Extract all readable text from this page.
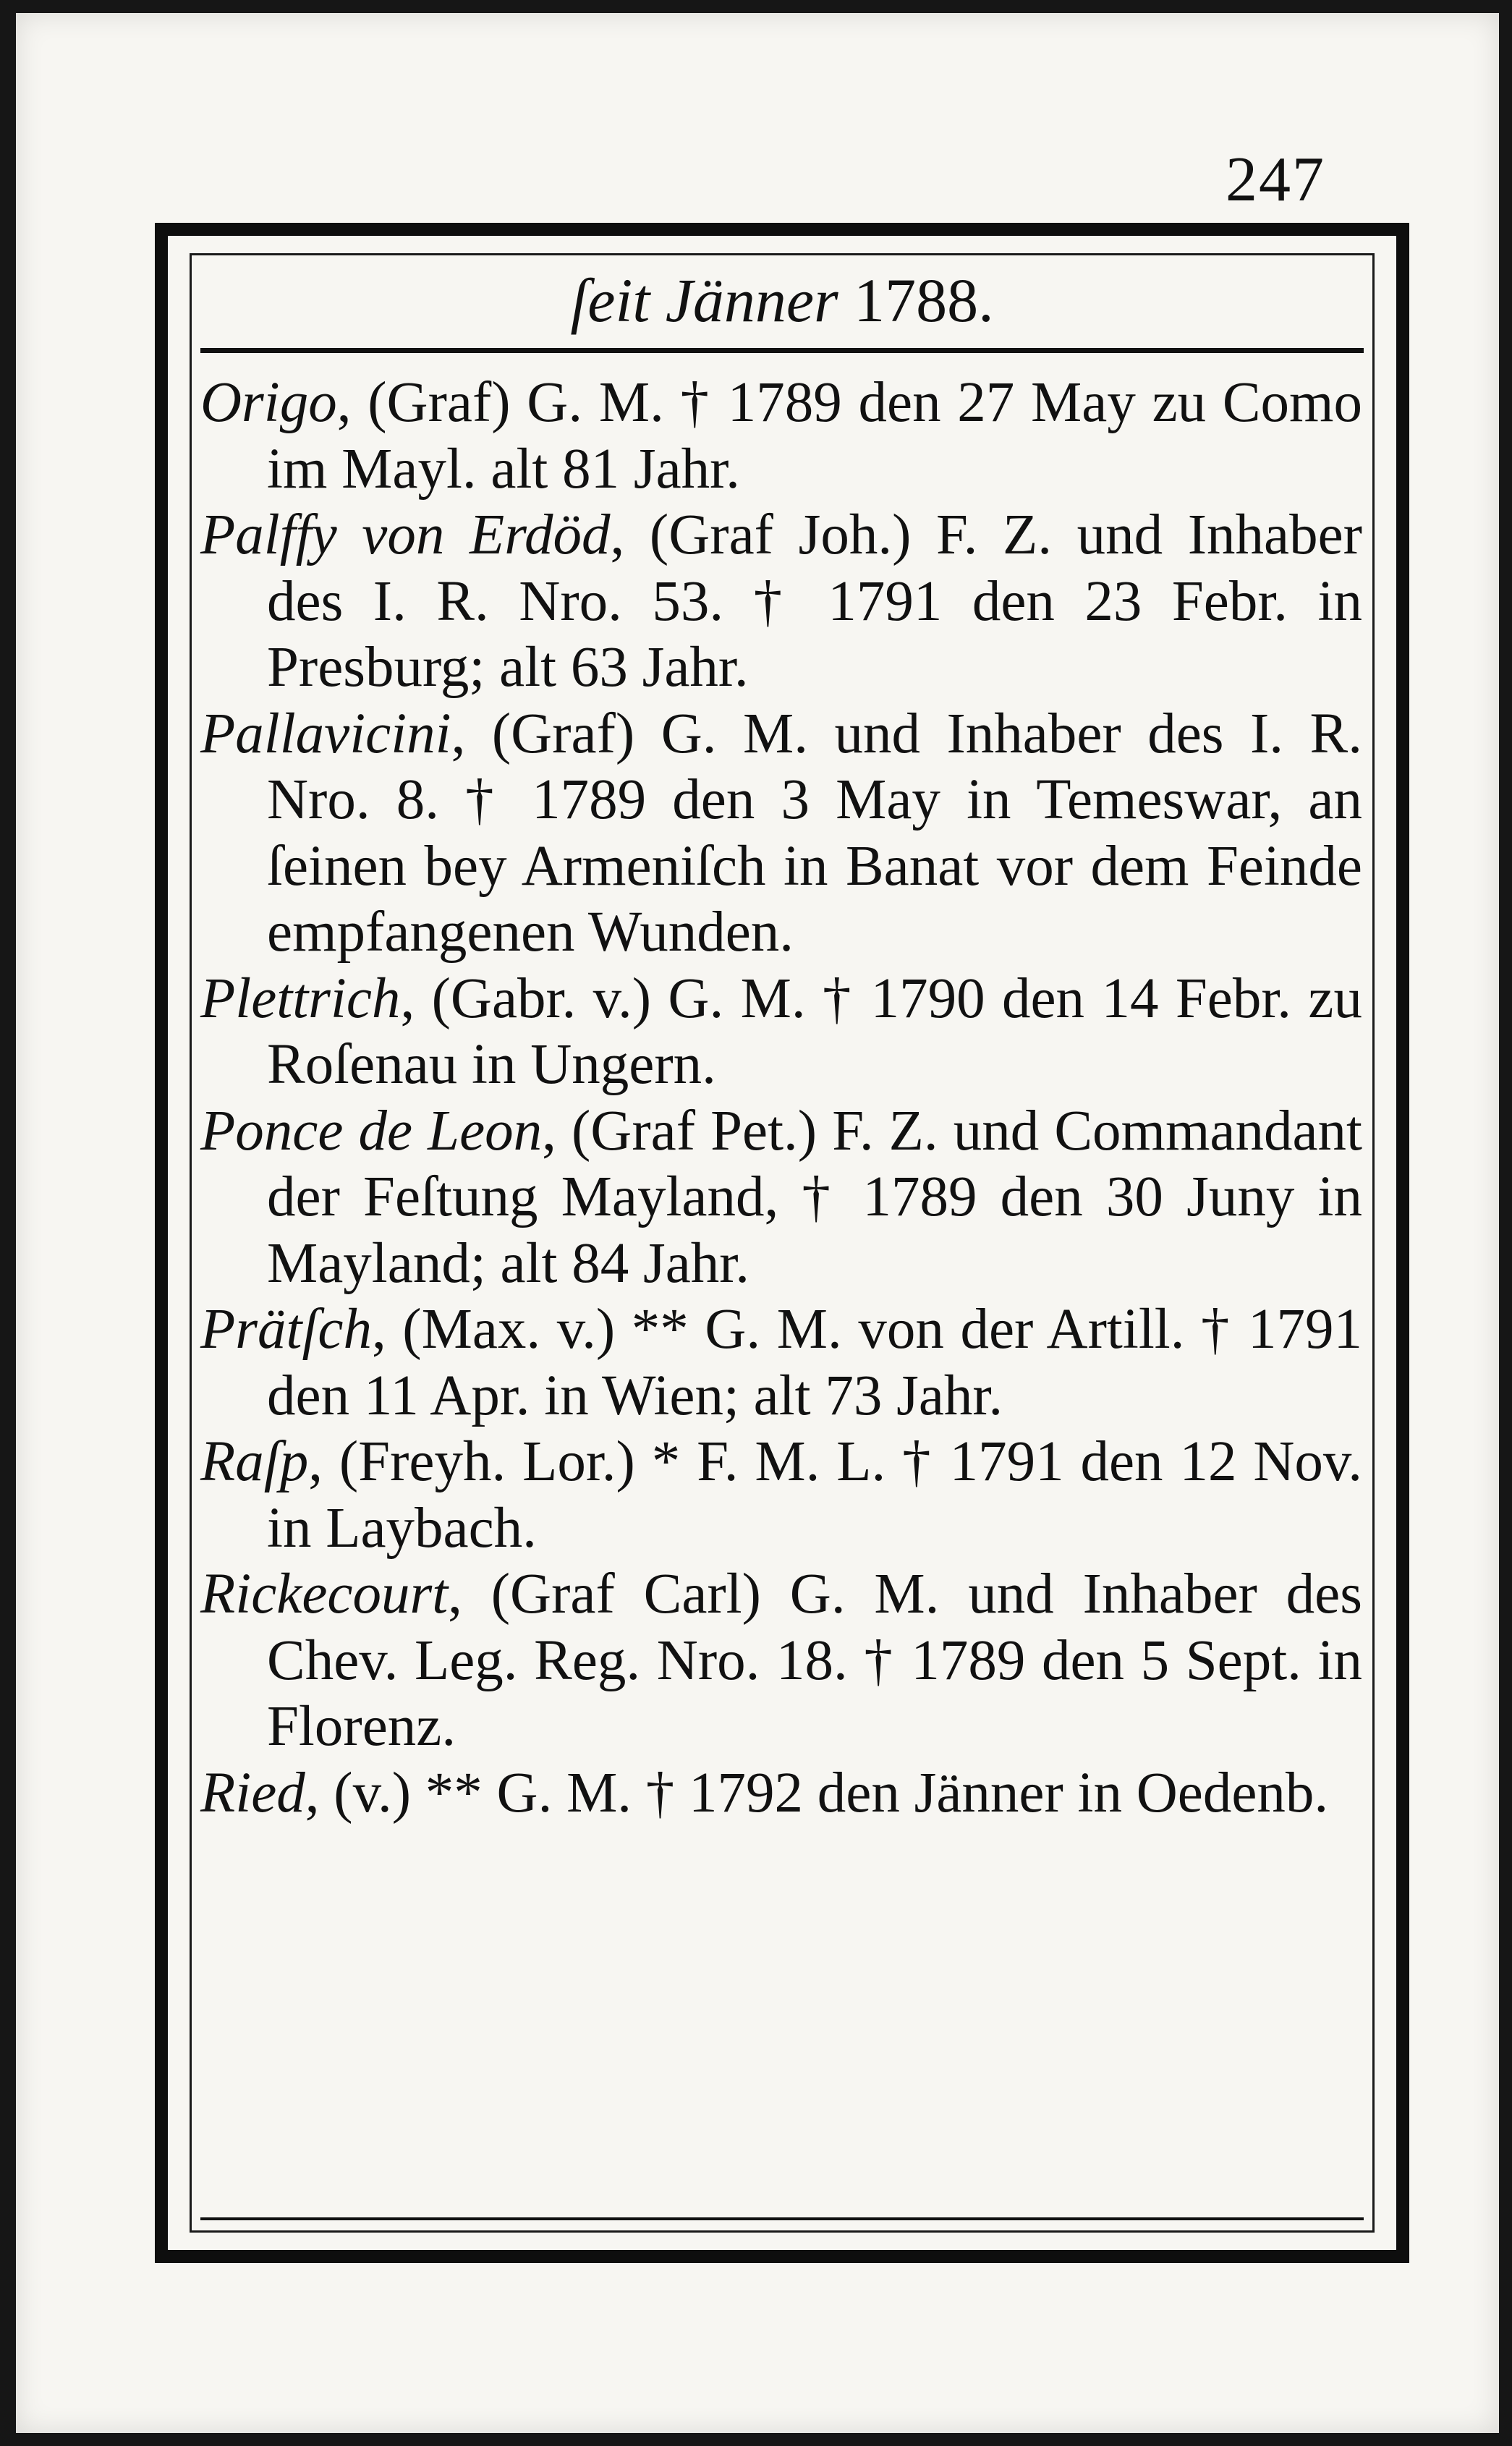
247
ſeit Jänner 1788.

Origo, (Graf) G. M. † 1789 den 27 May zu Como im Mayl. alt 81 Jahr.

Palffy von Erdöd, (Graf Joh.) F. Z. und Inhaber des I. R. Nro. 53. † 1791 den 23 Febr. in Presburg; alt 63 Jahr.

Pallavicini, (Graf) G. M. und Inhaber des I. R. Nro. 8. † 1789 den 3 May in Temeswar, an ſeinen bey Armeniſch in Banat vor dem Feinde empfangenen Wunden.

Plettrich, (Gabr. v.) G. M. † 1790 den 14 Febr. zu Roſenau in Ungern.

Ponce de Leon, (Graf Pet.) F. Z. und Commandant der Feſtung Mayland, † 1789 den 30 Juny in Mayland; alt 84 Jahr.

Prätſch, (Max. v.) ** G. M. von der Artill. † 1791 den 11 Apr. in Wien; alt 73 Jahr.

Raſp, (Freyh. Lor.) * F. M. L. † 1791 den 12 Nov. in Laybach.

Rickecourt, (Graf Carl) G. M. und Inhaber des Chev. Leg. Reg. Nro. 18. † 1789 den 5 Sept. in Florenz.

Ried, (v.) ** G. M. † 1792 den Jänner in Oedenb.
